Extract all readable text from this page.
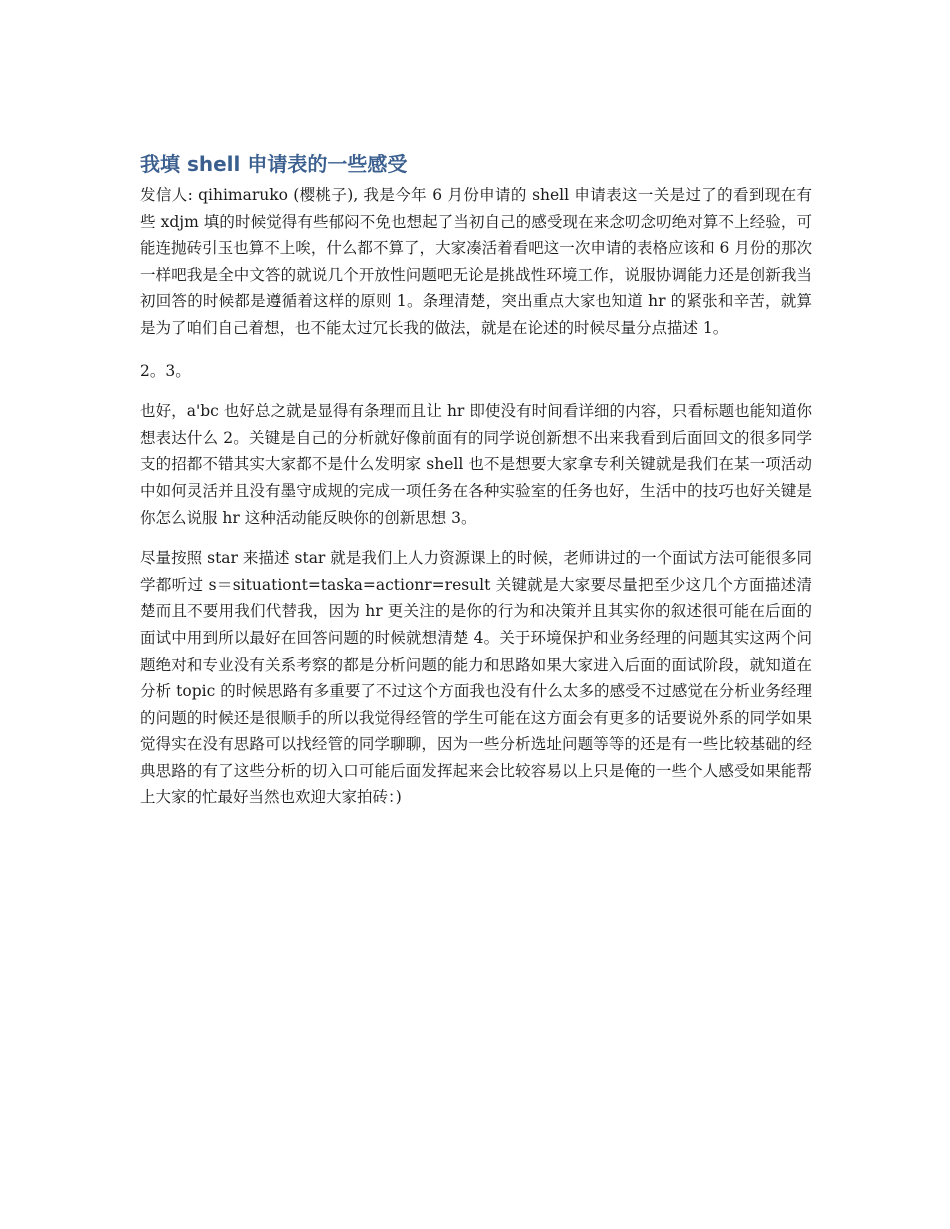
我填 shell 申请表的一些感受

发信人: qihimaruko (樱桃子), 我是今年 6 月份申请的 shell 申请表这一关是过了的看到现在有些 xdjm 填的时候觉得有些郁闷不免也想起了当初自己的感受现在来念叨念叨绝对算不上经验，可能连抛砖引玉也算不上唉，什么都不算了，大家凑活着看吧这一次申请的表格应该和 6 月份的那次一样吧我是全中文答的就说几个开放性问题吧无论是挑战性环境工作，说服协调能力还是创新我当初回答的时候都是遵循着这样的原则 1。条理清楚，突出重点大家也知道 hr 的紧张和辛苦，就算是为了咱们自己着想，也不能太过冗长我的做法，就是在论述的时候尽量分点描述 1。

2。3。

也好，a'bc 也好总之就是显得有条理而且让 hr 即使没有时间看详细的内容，只看标题也能知道你想表达什么 2。关键是自己的分析就好像前面有的同学说创新想不出来我看到后面回文的很多同学支的招都不错其实大家都不是什么发明家 shell 也不是想要大家拿专利关键就是我们在某一项活动中如何灵活并且没有墨守成规的完成一项任务在各种实验室的任务也好，生活中的技巧也好关键是你怎么说服 hr 这种活动能反映你的创新思想 3。

尽量按照 star 来描述 star 就是我们上人力资源课上的时候，老师讲过的一个面试方法可能很多同学都听过 s＝situationt=taska=actionr=result 关键就是大家要尽量把至少这几个方面描述清楚而且不要用我们代替我，因为 hr 更关注的是你的行为和决策并且其实你的叙述很可能在后面的面试中用到所以最好在回答问题的时候就想清楚 4。关于环境保护和业务经理的问题其实这两个问题绝对和专业没有关系考察的都是分析问题的能力和思路如果大家进入后面的面试阶段，就知道在分析 topic 的时候思路有多重要了不过这个方面我也没有什么太多的感受不过感觉在分析业务经理的问题的时候还是很顺手的所以我觉得经管的学生可能在这方面会有更多的话要说外系的同学如果觉得实在没有思路可以找经管的同学聊聊，因为一些分析选址问题等等的还是有一些比较基础的经典思路的有了这些分析的切入口可能后面发挥起来会比较容易以上只是俺的一些个人感受如果能帮上大家的忙最好当然也欢迎大家拍砖：)
